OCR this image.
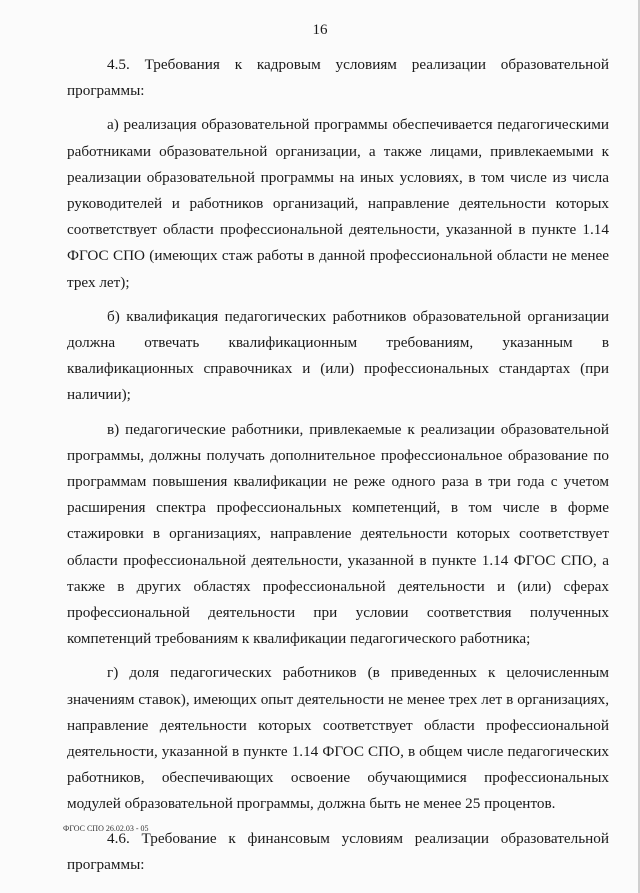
16

4.5. Требования к кадровым условиям реализации образовательной программы:

а) реализация образовательной программы обеспечивается педагогическими работниками образовательной организации, а также лицами, привлекаемыми к реализации образовательной программы на иных условиях, в том числе из числа руководителей и работников организаций, направление деятельности которых соответствует области профессиональной деятельности, указанной в пункте 1.14 ФГОС СПО (имеющих стаж работы в данной профессиональной области не менее трех лет);

б) квалификация педагогических работников образовательной организации должна отвечать квалификационным требованиям, указанным в квалификационных справочниках и (или) профессиональных стандартах (при наличии);

в) педагогические работники, привлекаемые к реализации образовательной программы, должны получать дополнительное профессиональное образование по программам повышения квалификации не реже одного раза в три года с учетом расширения спектра профессиональных компетенций, в том числе в форме стажировки в организациях, направление деятельности которых соответствует области профессиональной деятельности, указанной в пункте 1.14 ФГОС СПО, а также в других областях профессиональной деятельности и (или) сферах профессиональной деятельности при условии соответствия полученных компетенций требованиям к квалификации педагогического работника;

г) доля педагогических работников (в приведенных к целочисленным значениям ставок), имеющих опыт деятельности не менее трех лет в организациях, направление деятельности которых соответствует области профессиональной деятельности, указанной в пункте 1.14 ФГОС СПО, в общем числе педагогических работников, обеспечивающих освоение обучающимися профессиональных модулей образовательной программы, должна быть не менее 25 процентов.

4.6. Требование к финансовым условиям реализации образовательной программы:

ФГОС СПО 26.02.03 - 05
